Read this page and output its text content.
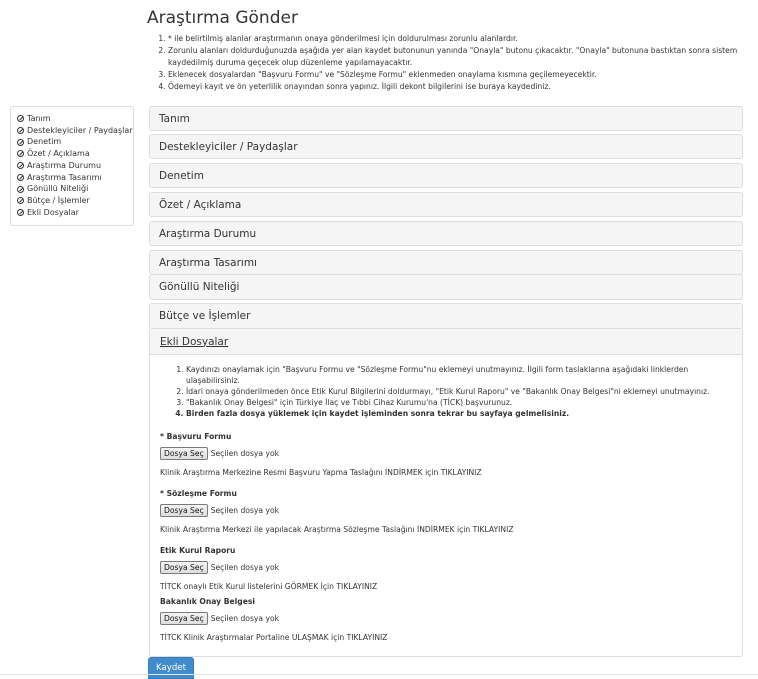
Araştırma Gönder
1. * ile belirtilmiş alanlar araştırmanın onaya gönderilmesi için doldurulması zorunlu alanlardır.
2. Zorunlu alanları doldurduğunuzda aşağıda yer alan kaydet butonunun yanında "Onayla" butonu çıkacaktır. "Onayla" butonuna bastıktan sonra sistem kaydedilmiş duruma geçecek olup düzenleme yapılamayacaktır.
3. Eklenecek dosyalardan "Başvuru Formu" ve "Sözleşme Formu" eklenmeden onaylama kısmına geçilemeyecektir.
4. Ödemeyi kayıt ve ön yeterlilik onayından sonra yapınız. İlgili dekont bilgilerini ise buraya kaydediniz.
Tanım
Destekleyiciler / Paydaşlar
Denetim
Özet / Açıklama
Araştırma Durumu
Araştırma Tasarımı
Gönüllü Niteliği
Bütçe / İşlemler
Ekli Dosyalar
Tanım
Destekleyiciler / Paydaşlar
Denetim
Özet / Açıklama
Araştırma Durumu
Araştırma Tasarımı
Gönüllü Niteliği
Bütçe ve İşlemler
Ekli Dosyalar
1. Kaydınızı onaylamak için "Başvuru Formu ve "Sözleşme Formu"nu eklemeyi unutmayınız. İlgili form taslaklarına aşağıdaki linklerden ulaşabilirsiniz.
2. İdari onaya gönderilmeden önce Etik Kurul Bilgilerini doldurmayı, "Etik Kurul Raporu" ve "Bakanlık Onay Belgesi"ni eklemeyi unutmayınız.
3. "Bakanlık Onay Belgesi" için Türkiye İlaç ve Tıbbi Cihaz Kurumu'na (TİCK) başvurunuz.
4. Birden fazla dosya yüklemek için kaydet işleminden sonra tekrar bu sayfaya gelmelisiniz.
* Başvuru Formu
Dosya Seç Seçilen dosya yok
Klinik Araştırma Merkezine Resmi Başvuru Yapma Taslağını İNDİRMEK için TIKLAYINIZ
* Sözleşme Formu
Dosya Seç Seçilen dosya yok
Klinik Araştırma Merkezi ile yapılacak Araştırma Sözleşme Taslağını İNDİRMEK için TIKLAYINIZ
Etik Kurul Raporu
Dosya Seç Seçilen dosya yok
TİTCK onaylı Etik Kurul listelerini GÖRMEK İçin TIKLAYINIZ
Bakanlık Onay Belgesi
Dosya Seç Seçilen dosya yok
TİTCK Klinik Araştırmalar Portaline ULAŞMAK için TIKLAYINIZ
Kaydet
